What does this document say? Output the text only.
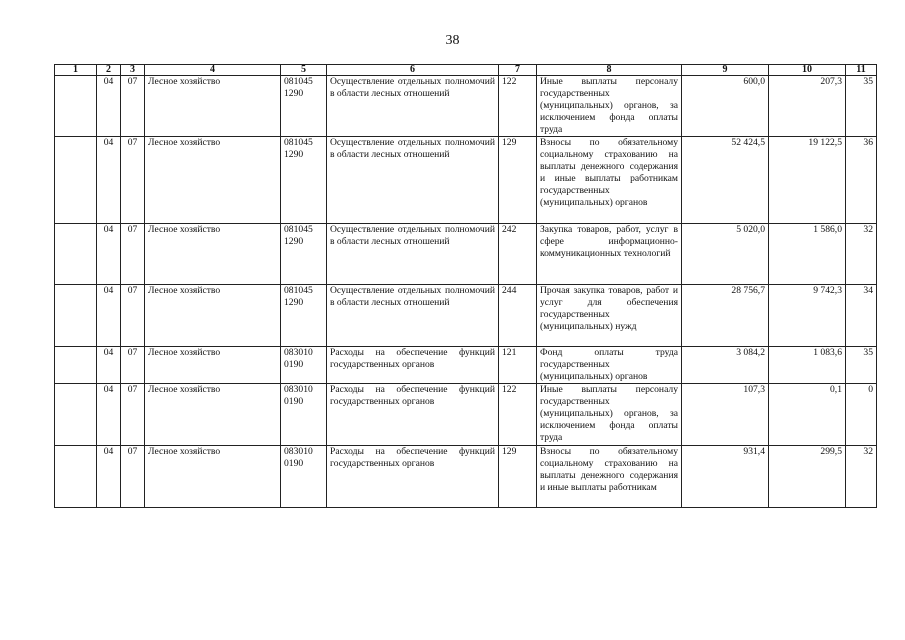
38
1	2	3	4	5	6	7	8	9	10	11
	04	07	Лесное хозяйство	081045 1290	Осуществление отдельных полномочий в области лесных отношений	122	Иные выплаты персоналу государственных (муниципальных) органов, за исключением фонда оплаты труда	600,0	207,3	35
	04	07	Лесное хозяйство	081045 1290	Осуществление отдельных полномочий в области лесных отношений	129	Взносы по обязательному социальному страхованию на выплаты денежного содержания и иные выплаты работникам государственных (муниципальных) органов	52 424,5	19 122,5	36
	04	07	Лесное хозяйство	081045 1290	Осуществление отдельных полномочий в области лесных отношений	242	Закупка товаров, работ, услуг в сфере информационно-коммуникационных технологий	5 020,0	1 586,0	32
	04	07	Лесное хозяйство	081045 1290	Осуществление отдельных полномочий в области лесных отношений	244	Прочая закупка товаров, работ и услуг для обеспечения государственных (муниципальных) нужд	28 756,7	9 742,3	34
	04	07	Лесное хозяйство	083010 0190	Расходы на обеспечение функций государственных органов	121	Фонд оплаты труда государственных (муниципальных) органов	3 084,2	1 083,6	35
	04	07	Лесное хозяйство	083010 0190	Расходы на обеспечение функций государственных органов	122	Иные выплаты персоналу государственных (муниципальных) органов, за исключением фонда оплаты труда	107,3	0,1	0
	04	07	Лесное хозяйство	083010 0190	Расходы на обеспечение функций государственных органов	129	Взносы по обязательному социальному страхованию на выплаты денежного содержания и иные выплаты работникам	931,4	299,5	32
